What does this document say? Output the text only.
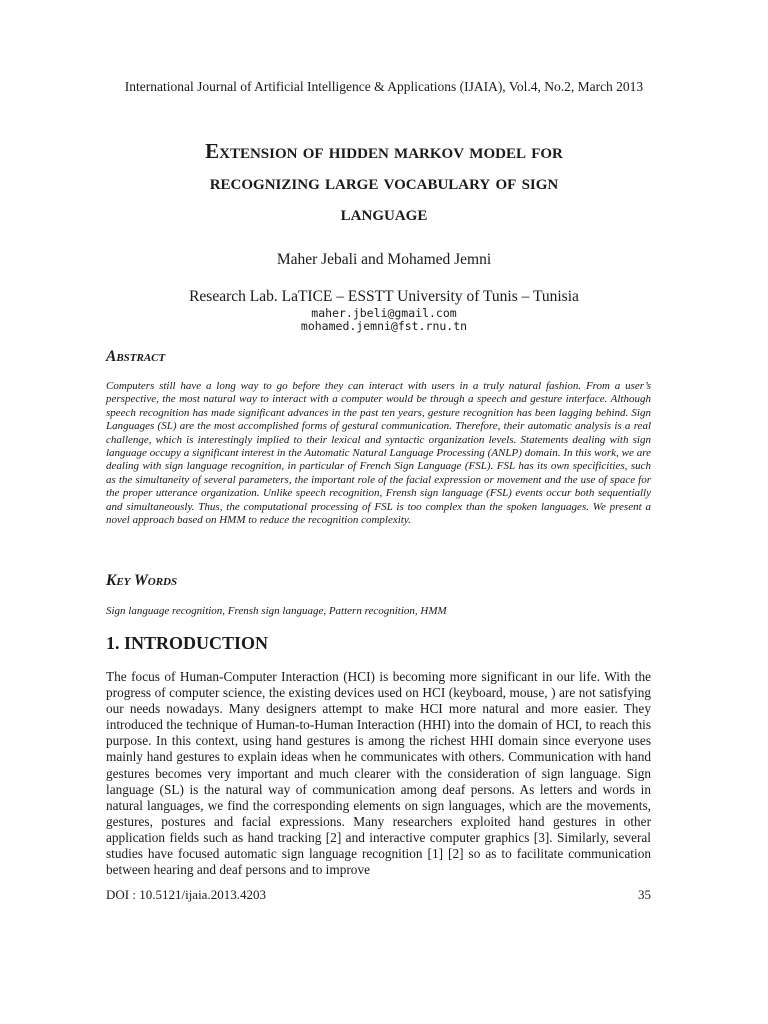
International Journal of Artificial Intelligence & Applications (IJAIA), Vol.4, No.2, March 2013
Extension of hidden markov model for
recognizing large vocabulary of sign
language
Maher Jebali and Mohamed Jemni
Research Lab. LaTICE – ESSTT University of Tunis – Tunisia
maher.jbeli@gmail.com
mohamed.jemni@fst.rnu.tn
Abstract

Computers still have a long way to go before they can interact with users in a truly natural fashion. From a user’s perspective, the most natural way to interact with a computer would be through a speech and gesture interface. Although speech recognition has made significant advances in the past ten years, gesture recognition has been lagging behind. Sign Languages (SL) are the most accomplished forms of gestural communication. Therefore, their automatic analysis is a real challenge, which is interestingly implied to their lexical and syntactic organization levels. Statements dealing with sign language occupy a significant interest in the Automatic Natural Language Processing (ANLP) domain. In this work, we are dealing with sign language recognition, in particular of French Sign Language (FSL). FSL has its own specificities, such as the simultaneity of several parameters, the important role of the facial expression or movement and the use of space for the proper utterance organization. Unlike speech recognition, Frensh sign language (FSL) events occur both sequentially and simultaneously. Thus, the computational processing of FSL is too complex than the spoken languages. We present a novel approach based on HMM to reduce the recognition complexity.

Key Words
Sign language recognition, Frensh sign language, Pattern recognition, HMM
1. INTRODUCTION

The focus of Human-Computer Interaction (HCI) is becoming more significant in our life. With the progress of computer science, the existing devices used on HCI (keyboard, mouse, ) are not satisfying our needs nowadays. Many designers attempt to make HCI more natural and more easier. They introduced the technique of Human-to-Human Interaction (HHI) into the domain of HCI, to reach this purpose. In this context, using hand gestures is among the richest HHI domain since everyone uses mainly hand gestures to explain ideas when he communicates with others. Communication with hand gestures becomes very important and much clearer with the consideration of sign language. Sign language (SL) is the natural way of communication among deaf persons. As letters and words in natural languages, we find the corresponding elements on sign languages, which are the movements, gestures, postures and facial expressions. Many researchers exploited hand gestures in other application fields such as hand tracking [2] and interactive computer graphics [3]. Similarly, several studies have focused automatic sign language recognition [1] [2] so as to facilitate communication between hearing and deaf persons and to improve

DOI : 10.5121/ijaia.2013.4203	35
